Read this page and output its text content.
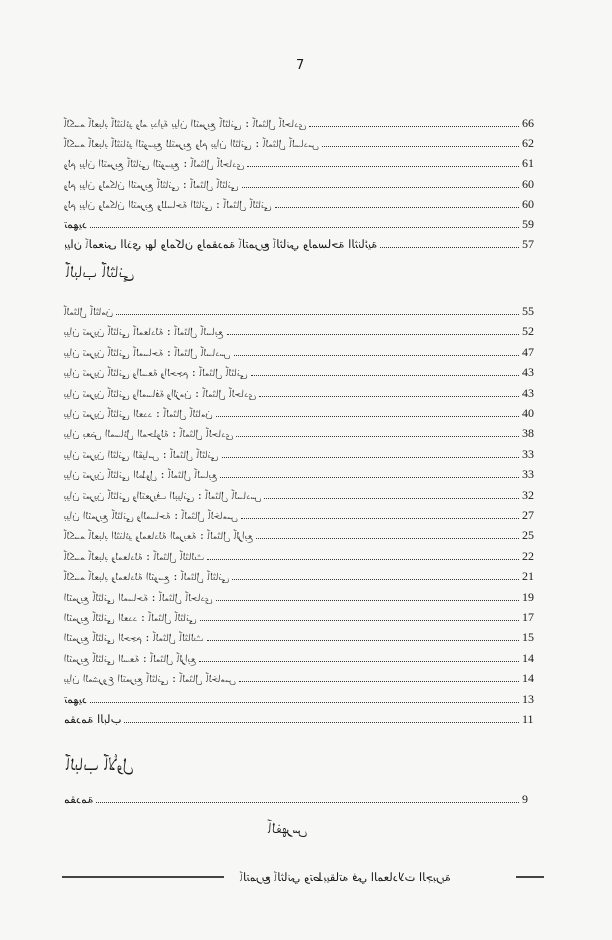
7
ﭑﻟﻛﺳﻣ ﭑﻟﻌﺑﺎﺑ ﭑﻟﺛﻧﺎﺋﻳ ﻭﻟﻣ ﺑﺩﺍﻳﺔ ﺑﻳﺍﻥ ﺍﻟﺗﻣﺭﺑﻊ ﭑﻟﺛﺎﻧﻲ : ﭑﻟﻣﺛﺎﻝ ﭑﻟﺣﺎﺩﻱ	66
ﭑﻟﻛﺳﻣ ﭑﻟﻌﺑﺎﺑ ﭑﻟﺛﻧﺎﺋﻳ ﺍﻟﺗﻭﺳﻳﻊ ﻟﻠﺗﻣﺭﺑﻊ ﻭﻟﻡ ﺑﻳﺍﻥ ﺍﻟﺛﺎﻧﻲ : ﭑﻟﻣﺛﺎﻝ ﭑﻟﺳﺎﺩﺱ	62
ﻭﻟﻡ ﺑﻳﺍﻥ ﺍﻟﺗﻣﺭﺑﻊ ﭑﻟﺛﺎﻧﻲ ﺍﻟﺗﻭﺳﻳﻊ : ﭑﻟﻣﺛﺎﻝ ﭑﻟﺣﺎﺩﻱ	61
ﻭﻟﻡ ﺑﻳﺍﻥ ﻭﻟﻣﻛﺎﻥ ﺍﻟﺗﻣﺭﺑﻊ ﭑﻟﺛﺎﻧﻲ : ﭑﻟﻣﺛﺎﻝ ﭑﻟﺛﺎﻧﻲ	60
ﻭﻟﻡ ﺑﻳﺍﻥ ﻭﻟﻣﻛﺎﻥ ﺍﻟﺗﻣﺭﺑﻊ ﻭﻟﻠﺳﺎﺣﺔ ﺍﻟﺛﺎﻧﻲ : ﭑﻟﻣﺛﺎﻝ ﭑﻟﺛﺎﻧﻲ	60
ﺗﻣﻬﻳﺩ	59
ﺑﻳﺍﻥ ﭑﻟﻣﻌﻧﻰ ﺍﻟﺫﻱ ﺑﻬﺎ ﻭﻟﻣﻛﺎﻥ ﻭﻟﻣﻘﺩﻣﺔ ﭑﻟﺗﻣﺭﺑﻊ ﭑﻟﺛﺎﻧﻲ ﻭﻟﻣﺳﺎﺣﺔ ﺍﻟﺛﻧﺎﺋﻳﺔ	57
ﭑﻟﻣﺛﺎﻝ ﭑﻟﺛﺎﻣﻥ	55
ﺑﻳﺍﻥ ﺗﻣﺭﻳﻥ ﭑﻟﺛﺎﻧﻲ ﭑﻟﻣﻌﺎﺩﻟﺔ : ﭑﻟﻣﺛﺎﻝ ﭑﻟﺳﺎﺑﻊ	52
ﺑﻳﺍﻥ ﺗﻣﺭﻳﻥ ﭑﻟﺛﺎﻧﻲ ﭑﻟﻣﺳﺎﺣﺔ : ﭑﻟﻣﺛﺎﻝ ﭑﻟﺳﺎﺩﺱ	47
ﺑﻳﺍﻥ ﺗﻣﺭﻳﻥ ﭑﻟﺛﺎﻧﻲ ﻭﺍﻟﺳﻌﺔ ﻭﺍﻟﺣﺟﻡ : ﭑﻟﻣﺛﺎﻝ ﭑﻟﺛﺎﻧﻲ	43
ﺑﻳﺍﻥ ﺗﻣﺭﻳﻥ ﭑﻟﺛﺎﻧﻲ ﻭﺍﻟﻣﺳﺎﻓﺔ ﻭﺍﻟﺯﻣﻥ : ﭑﻟﻣﺛﺎﻝ ﭑﻟﺣﺎﺩﻱ	43
ﺑﻳﺍﻥ ﺗﻣﺭﻳﻥ ﭑﻟﺛﺎﻧﻲ ﺍﻟﻌﺩﺩ : ﭑﻟﻣﺛﺎﻝ ﭑﻟﺛﺎﻣﻥ	40
ﺑﻳﺍﻥ ﺑﻌﺽ ﺍﻟﻣﺳﺎﺋﻝ ﺍﻟﻣﺣﻠﻭﻟﺔ : ﭑﻟﻣﺛﺎﻝ ﭑﻟﺣﺎﺩﻱ	38
ﺑﻳﺍﻥ ﺗﻣﺭﻳﻥ ﺍﻟﺛﺎﻧﻲ ﺍﻟﻘﻳﺎﺱ : ﭑﻟﻣﺛﺎﻝ ﭑﻟﺛﺎﻧﻲ	33
ﺑﻳﺍﻥ ﺗﻣﺭﻳﻥ ﭑﻟﺛﺎﻧﻲ ﺍﻟﻁﻭﻝ : ﭑﻟﻣﺛﺎﻝ ﭑﻟﺳﺎﺑﻊ	33
ﺑﻳﺍﻥ ﺗﻣﺭﻳﻥ ﭑﻟﺛﺎﻧﻲ ﻭﺍﻟﺗﻌﺭﻳﻑ ﺍﻟﺑﻳﺎﻧﻲ : ﭑﻟﻣﺛﺎﻝ ﭑﻟﺳﺎﺩﺱ	32
ﺑﻳﺍﻥ ﺍﻟﺗﻣﺭﺑﻊ ﭑﻟﺛﺎﻧﻲ ﻭﺍﻟﻣﺳﺎﺣﺔ : ﭑﻟﻣﺛﺎﻝ ﭑﻟﺧﺎﻣﺱ	27
ﭑﻟﻛﺳﻣ ﭑﻟﻌﺑﺎﺑ ﺍﻟﺛﻧﺎﺋﻳ ﻭﻟﻣﻌﺎﺩﻟﺔ ﺍﻟﻣﺭﺑﻌﺔ : ﭑﻟﻣﺛﺎﻝ ﭑﻟﺭﺍﺑﻊ	25
ﭑﻟﻛﺳﻣ ﭑﻟﻌﺑﺎﺑ ﻭﻟﻣﻌﺎﺩﻟﺔ : ﭑﻟﻣﺛﺎﻝ ﭑﻟﺛﺎﻟﺙ	22
ﭑﻟﻛﺳﻣ ﭑﻟﻌﺑﺎﺑ ﻭﻟﻣﻌﺎﺩﻟﺔ ﺍﻟﺗﻭﺳﻊ : ﭑﻟﻣﺛﺎﻝ ﭑﻟﺛﺎﻧﻲ	21
ﺍﻟﺗﻣﺭﺑﻊ ﭑﻟﺛﺎﻧﻲ ﺍﻟﻣﺳﺎﺣﺔ : ﭑﻟﻣﺛﺎﻝ ﭑﻟﺣﺎﺩﻱ	19
ﺍﻟﺗﻣﺭﺑﻊ ﭑﻟﺛﺎﻧﻲ ﺍﻟﻌﺩﺩ : ﭑﻟﻣﺛﺎﻝ ﭑﻟﺛﺎﻧﻲ	17
ﺍﻟﺗﻣﺭﺑﻊ ﭑﻟﺛﺎﻧﻲ ﺍﻟﺣﺟﻡ : ﭑﻟﻣﺛﺎﻝ ﭑﻟﺛﺎﻟﺙ	15
ﺍﻟﺗﻣﺭﺑﻊ ﭑﻟﺛﺎﻧﻲ ﺍﻟﺳﻌﺔ : ﭑﻟﻣﺛﺎﻝ ﭑﻟﺭﺍﺑﻊ	14
ﺑﻳﺍﻥ ﺍﻟﻣﺷﺭﻭﻉ ﺍﻟﺗﻣﺭﺑﻊ ﭑﻟﺛﺎﻧﻲ : ﭑﻟﻣﺛﺎﻝ ﭑﻟﺧﺎﻣﺱ	14
ﺗﻣﻬﻳﺩ	13
ﻣﻘﺩﻣﺔ ﺍﻟﺑﺎﺏ	11
ﻣﻘﺩﻣﺔ	9
ﭑﻟﺑﺎﺏ ﭑﻟﺛﺎﻧﻲ
ﭑﻟﺑﺎﺏ ﭑﻷﻭﻝ
ﭑﻟﻔﻬﺭﺱ
ﭑﻟﺗﻣﺭﺑﻊ ﭑﻟﺛﺎﻧﻲ ﻭﺗﻁﺑﻳﻘﺎﺗﻪ ﻓﻲ ﺍﻟﻣﻌﺎﺩﻻﺕ ﺍﻟﺟﺑﺭﻳﺔ
